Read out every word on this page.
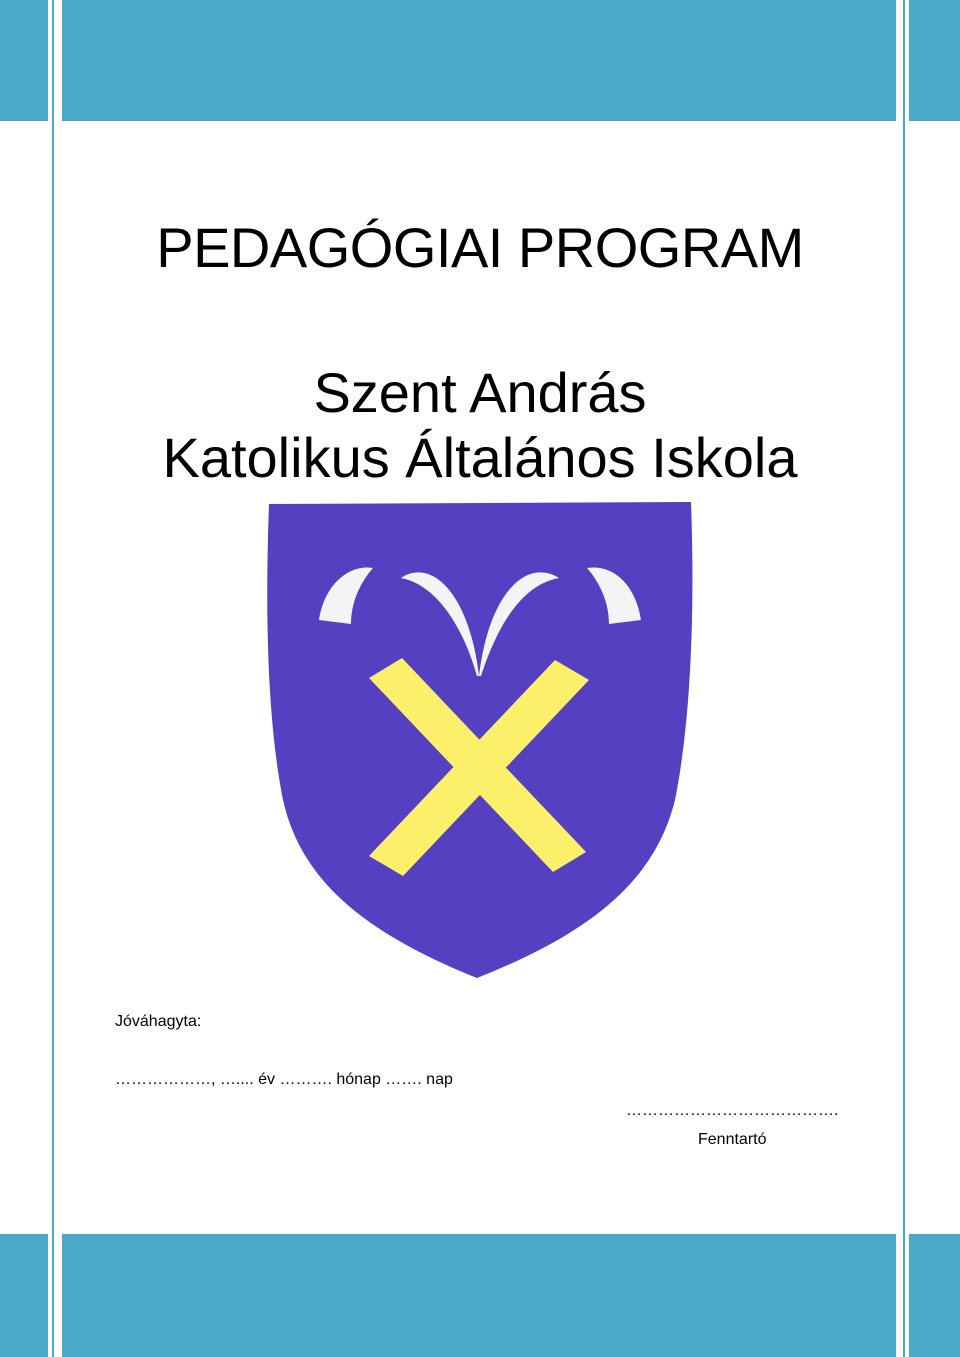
PEDAGÓGIAI PROGRAM
Szent András
Katolikus Általános Iskola

Jóváhagyta:

………………, ….... év ………. hónap ……. nap

………………………………….

Fenntartó
